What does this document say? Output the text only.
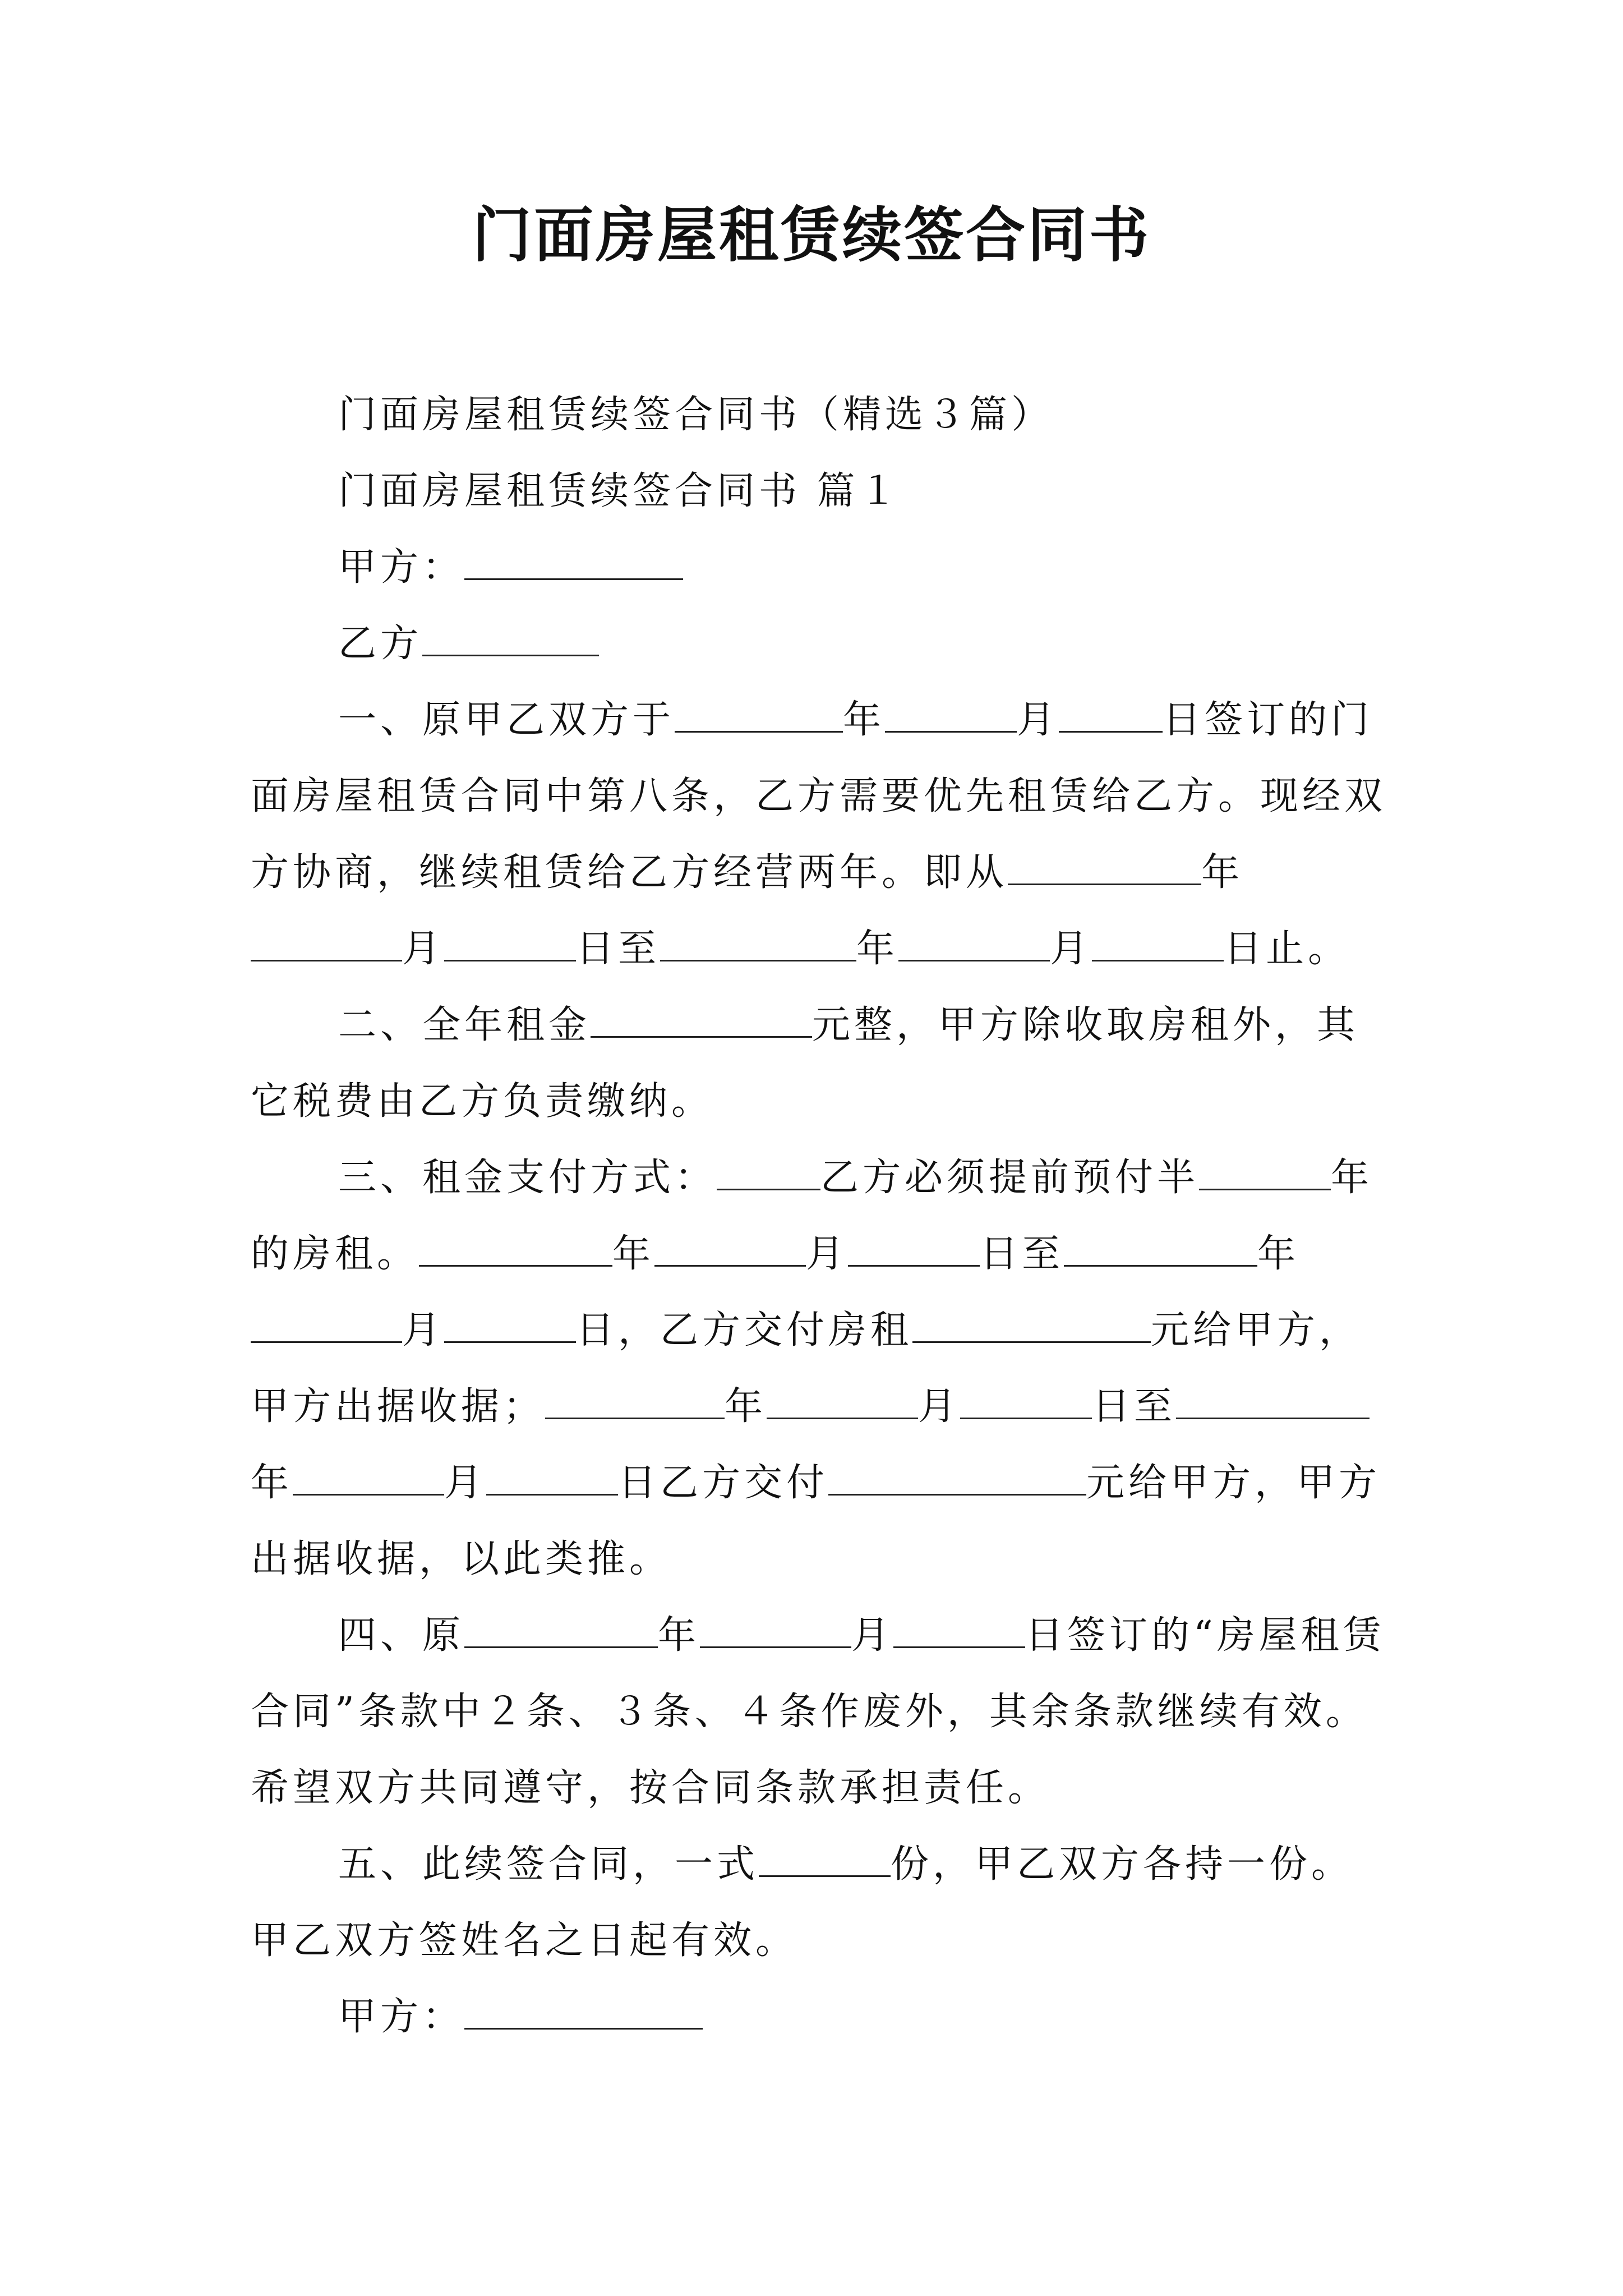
门面房屋租赁续签合同书

门面房屋租赁续签合同书（精选３篇）

门面房屋租赁续签合同书 篇１

甲方：

乙方

一、原甲乙双方于	年	月	日签订的门面房屋租赁合同中第八条，乙方需要优先租赁给乙方。现经双方协商，继续租赁给乙方经营两年。即从	年月	日至	年	月	日止。

二、全年租金	元整，甲方除收取房租外，其它税费由乙方负责缴纳。

三、租金支付方式：	乙方必须提前预付半	年的房租。	年	月	日至	年月	日，乙方交付房租	元给甲方，甲方出据收据；	年	月	日至年	月	日乙方交付	元给甲方，甲方出据收据，以此类推。

四、原	年	月	日签订的“房屋租赁合同”条款中２条、３条、４条作废外，其余条款继续有效。希望双方共同遵守，按合同条款承担责任。

五、此续签合同，一式	份，甲乙双方各持一份。甲乙双方签姓名之日起有效。

甲方：
